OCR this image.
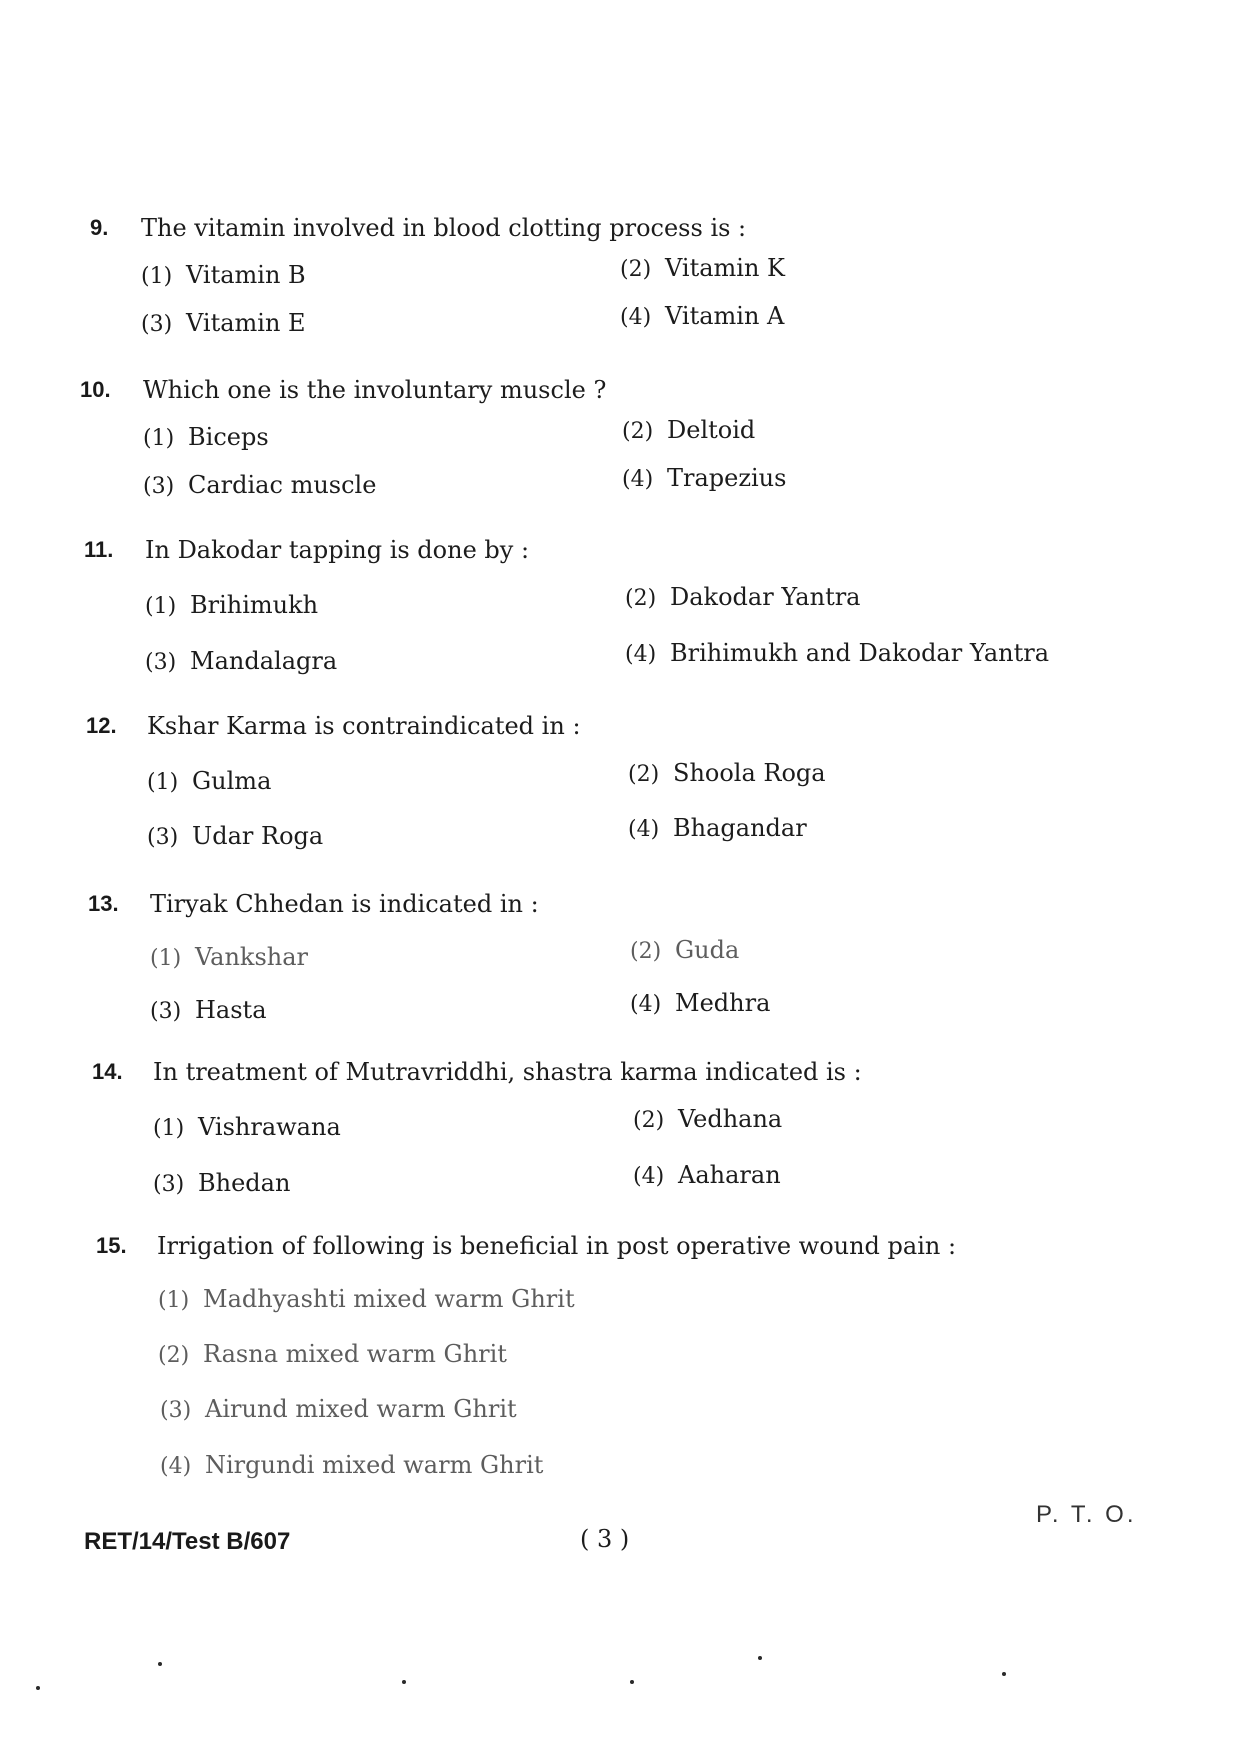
9. The vitamin involved in blood clotting process is :
(1) Vitamin B	(2) Vitamin K
(3) Vitamin E	(4) Vitamin A
10. Which one is the involuntary muscle ?
(1) Biceps	(2) Deltoid
(3) Cardiac muscle	(4) Trapezius
11. In Dakodar tapping is done by :
(1) Brihimukh	(2) Dakodar Yantra
(3) Mandalagra	(4) Brihimukh and Dakodar Yantra
12. Kshar Karma is contraindicated in :
(1) Gulma	(2) Shoola Roga
(3) Udar Roga	(4) Bhagandar
13. Tiryak Chhedan is indicated in :
(1) Vankshar	(2) Guda
(3) Hasta	(4) Medhra
14. In treatment of Mutravriddhi, shastra karma indicated is :
(1) Vishrawana	(2) Vedhana
(3) Bhedan	(4) Aaharan
15. Irrigation of following is beneficial in post operative wound pain :
(1) Madhyashti mixed warm Ghrit
(2) Rasna mixed warm Ghrit
(3) Airund mixed warm Ghrit
(4) Nirgundi mixed warm Ghrit
RET/14/Test B/607	( 3 )
P. T. O.
